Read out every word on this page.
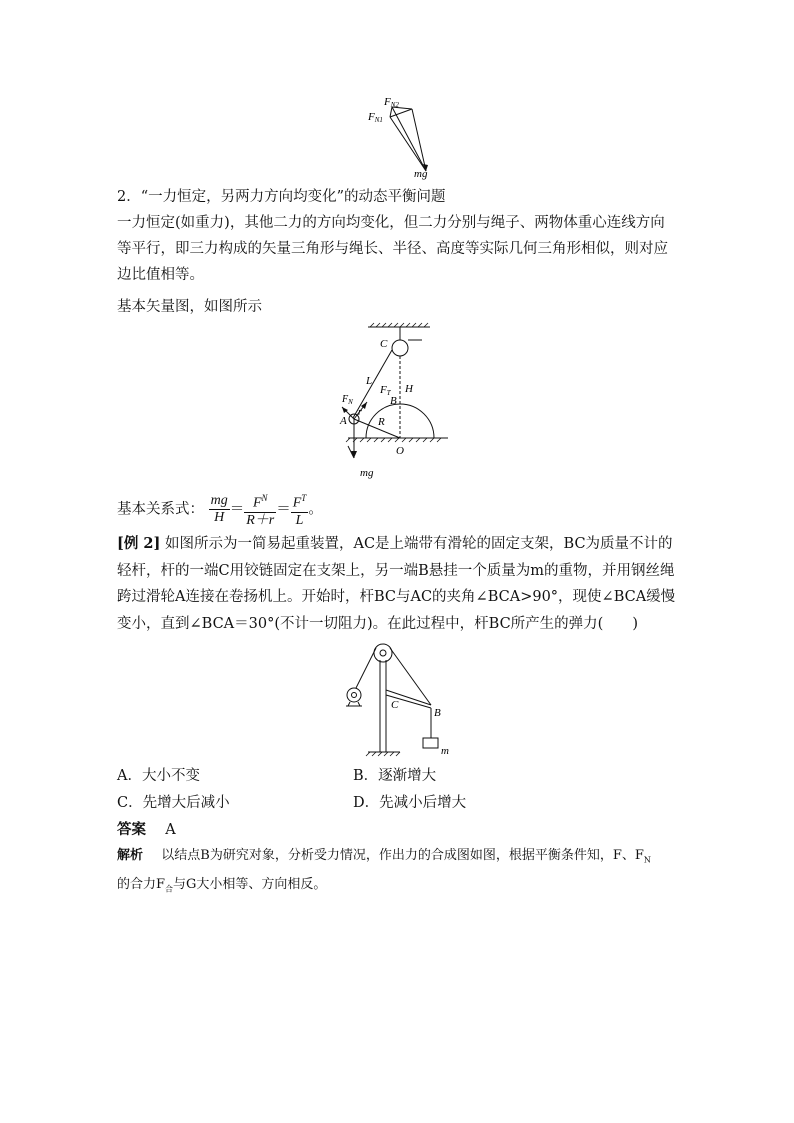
FN2
FN1
mg
2．“一力恒定，另两力方向均变化”的动态平衡问题
一力恒定(如重力)，其他二力的方向均变化，但二力分别与绳子、两物体重心连线方向等平行，即三力构成的矢量三角形与绳长、半径、高度等实际几何三角形相似，则对应边比值相等。
基本矢量图，如图所示
C
L
FT H
B
$F_N$
r
A	R
O
mg
基本关系式： $\frac{mg}{H} = \frac{F^N}{R+r} = \frac{F^T}{L}$ 。
[例 2] 如图所示为一简易起重装置，AC是上端带有滑轮的固定支架，BC为质量不计的轻杆，杆的一端C用铰链固定在支架上，另一端B悬挂一个质量为m的重物，并用钢丝绳跨过滑轮A连接在卷扬机上。开始时，杆BC与AC的夹角∠BCA>90°，现使∠BCA缓慢变小，直到∠BCA＝30°(不计一切阻力)。在此过程中，杆BC所产生的弹力(　　)
C
B
m
A．大小不变	B．逐渐增大
C．先增大后减小	D．先减小后增大
答案 A
解析 以结点B为研究对象，分析受力情况，作出力的合成图如图，根据平衡条件知，F、$F_N$
的合力$F_合$与G大小相等、方向相反。
